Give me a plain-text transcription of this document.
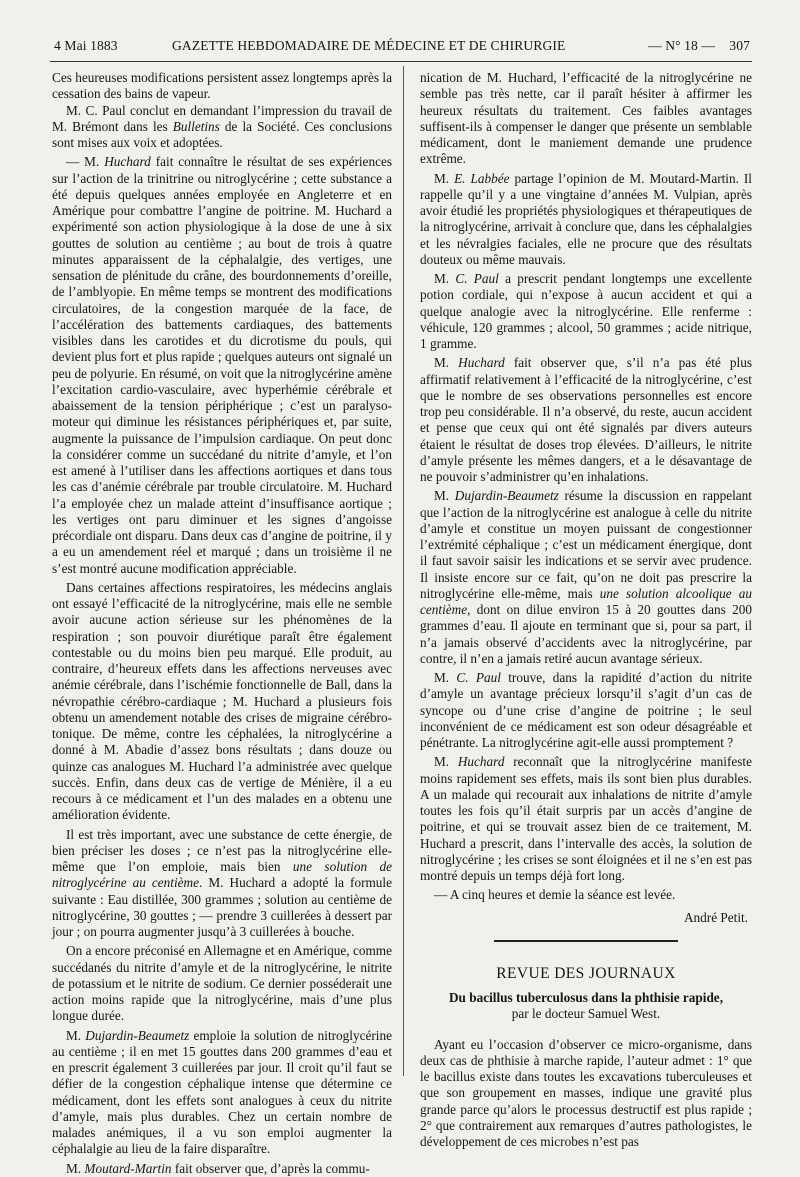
4 Mai 1883	GAZETTE HEBDOMADAIRE DE MÉDECINE ET DE CHIRURGIE	— N° 18 — 307

Ces heureuses modifications persistent assez longtemps après la cessation des bains de vapeur.

M. C. Paul conclut en demandant l’impression du travail de M. Brémont dans les Bulletins de la Société. Ces conclusions sont mises aux voix et adoptées.

— M. Huchard fait connaître le résultat de ses expériences sur l’action de la trinitrine ou nitroglycérine ; cette substance a été depuis quelques années employée en Angleterre et en Amérique pour combattre l’angine de poitrine. M. Huchard a expérimenté son action physiologique à la dose de une à six gouttes de solution au centième ; au bout de trois à quatre minutes apparaissent de la céphalalgie, des vertiges, une sensation de plénitude du crâne, des bourdonnements d’oreille, de l’amblyopie. En même temps se montrent des modifications circulatoires, de la congestion marquée de la face, de l’accélération des battements cardiaques, des battements visibles dans les carotides et du dicrotisme du pouls, qui devient plus fort et plus rapide ; quelques auteurs ont signalé un peu de polyurie. En résumé, on voit que la nitroglycérine amène l’excitation cardio-vasculaire, avec hyperhémie cérébrale et abaissement de la tension périphérique ; c’est un paralyso-moteur qui diminue les résistances périphériques et, par suite, augmente la puissance de l’impulsion cardiaque. On peut donc la considérer comme un succédané du nitrite d’amyle, et l’on est amené à l’utiliser dans les affections aortiques et dans tous les cas d’anémie cérébrale par trouble circulatoire. M. Huchard l’a employée chez un malade atteint d’insuffisance aortique ; les vertiges ont paru diminuer et les signes d’angoisse précordiale ont disparu. Dans deux cas d’angine de poitrine, il y a eu un amendement réel et marqué ; dans un troisième il ne s’est montré aucune modification appréciable.

Dans certaines affections respiratoires, les médecins anglais ont essayé l’efficacité de la nitroglycérine, mais elle ne semble avoir aucune action sérieuse sur les phénomènes de la respiration ; son pouvoir diurétique paraît être également contestable ou du moins bien peu marqué. Elle produit, au contraire, d’heureux effets dans les affections nerveuses avec anémie cérébrale, dans l’ischémie fonctionnelle de Ball, dans la névropathie cérébro-cardiaque ; M. Huchard a plusieurs fois obtenu un amendement notable des crises de migraine cérébro-tonique. De même, contre les céphalées, la nitroglycérine a donné à M. Abadie d’assez bons résultats ; dans douze ou quinze cas analogues M. Huchard l’a administrée avec quelque succès. Enfin, dans deux cas de vertige de Ménière, il a eu recours à ce médicament et l’un des malades en a obtenu une amélioration évidente.

Il est très important, avec une substance de cette énergie, de bien préciser les doses ; ce n’est pas la nitroglycérine elle-même que l’on emploie, mais bien une solution de nitroglycérine au centième. M. Huchard a adopté la formule suivante : Eau distillée, 300 grammes ; solution au centième de nitroglycérine, 30 gouttes ; — prendre 3 cuillerées à dessert par jour ; on pourra augmenter jusqu’à 3 cuillerées à bouche.

On a encore préconisé en Allemagne et en Amérique, comme succédanés du nitrite d’amyle et de la nitroglycérine, le nitrite de potassium et le nitrite de sodium. Ce dernier posséderait une action moins rapide que la nitroglycérine, mais d’une plus longue durée.

M. Dujardin-Beaumetz emploie la solution de nitroglycérine au centième ; il en met 15 gouttes dans 200 grammes d’eau et en prescrit également 3 cuillerées par jour. Il croit qu’il faut se défier de la congestion céphalique intense que détermine ce médicament, dont les effets sont analogues à ceux du nitrite d’amyle, mais plus durables. Chez un certain nombre de malades anémiques, il a vu son emploi augmenter la céphalalgie au lieu de la faire disparaître.

M. Moutard-Martin fait observer que, d’après la commu-

nication de M. Huchard, l’efficacité de la nitroglycérine ne semble pas très nette, car il paraît hésiter à affirmer les heureux résultats du traitement. Ces faibles avantages suffisent-ils à compenser le danger que présente un semblable médicament, dont le maniement demande une prudence extrême.

M. E. Labbée partage l’opinion de M. Moutard-Martin. Il rappelle qu’il y a une vingtaine d’années M. Vulpian, après avoir étudié les propriétés physiologiques et thérapeutiques de la nitroglycérine, arrivait à conclure que, dans les céphalalgies et les névralgies faciales, elle ne procure que des résultats douteux ou même mauvais.

M. C. Paul a prescrit pendant longtemps une excellente potion cordiale, qui n’expose à aucun accident et qui a quelque analogie avec la nitroglycérine. Elle renferme : véhicule, 120 grammes ; alcool, 50 grammes ; acide nitrique, 1 gramme.

M. Huchard fait observer que, s’il n’a pas été plus affirmatif relativement à l’efficacité de la nitroglycérine, c’est que le nombre de ses observations personnelles est encore trop peu considérable. Il n’a observé, du reste, aucun accident et pense que ceux qui ont été signalés par divers auteurs étaient le résultat de doses trop élevées. D’ailleurs, le nitrite d’amyle présente les mêmes dangers, et a le désavantage de ne pouvoir s’administrer qu’en inhalations.

M. Dujardin-Beaumetz résume la discussion en rappelant que l’action de la nitroglycérine est analogue à celle du nitrite d’amyle et constitue un moyen puissant de congestionner l’extrémité céphalique ; c’est un médicament énergique, dont il faut savoir saisir les indications et se servir avec prudence. Il insiste encore sur ce fait, qu’on ne doit pas prescrire la nitroglycérine elle-même, mais une solution alcoolique au centième, dont on dilue environ 15 à 20 gouttes dans 200 grammes d’eau. Il ajoute en terminant que si, pour sa part, il n’a jamais observé d’accidents avec la nitroglycérine, par contre, il n’en a jamais retiré aucun avantage sérieux.

M. C. Paul trouve, dans la rapidité d’action du nitrite d’amyle un avantage précieux lorsqu’il s’agit d’un cas de syncope ou d’une crise d’angine de poitrine ; le seul inconvénient de ce médicament est son odeur désagréable et pénétrante. La nitroglycérine agit-elle aussi promptement ?

M. Huchard reconnaît que la nitroglycérine manifeste moins rapidement ses effets, mais ils sont bien plus durables. A un malade qui recourait aux inhalations de nitrite d’amyle toutes les fois qu’il était surpris par un accès d’angine de poitrine, et qui se trouvait assez bien de ce traitement, M. Huchard a prescrit, dans l’intervalle des accès, la solution de nitroglycérine ; les crises se sont éloignées et il ne s’en est pas montré depuis un temps déjà fort long.

— A cinq heures et demie la séance est levée.

André Petit.
REVUE DES JOURNAUX
Du bacillus tuberculosus dans la phthisie rapide,
par le docteur Samuel West.

Ayant eu l’occasion d’observer ce micro-organisme, dans deux cas de phthisie à marche rapide, l’auteur admet : 1° que le bacillus existe dans toutes les excavations tuberculeuses et que son groupement en masses, indique une gravité plus grande parce qu’alors le processus destructif est plus rapide ; 2° que contrairement aux remarques d’autres pathologistes, le développement de ces microbes n’est pas
